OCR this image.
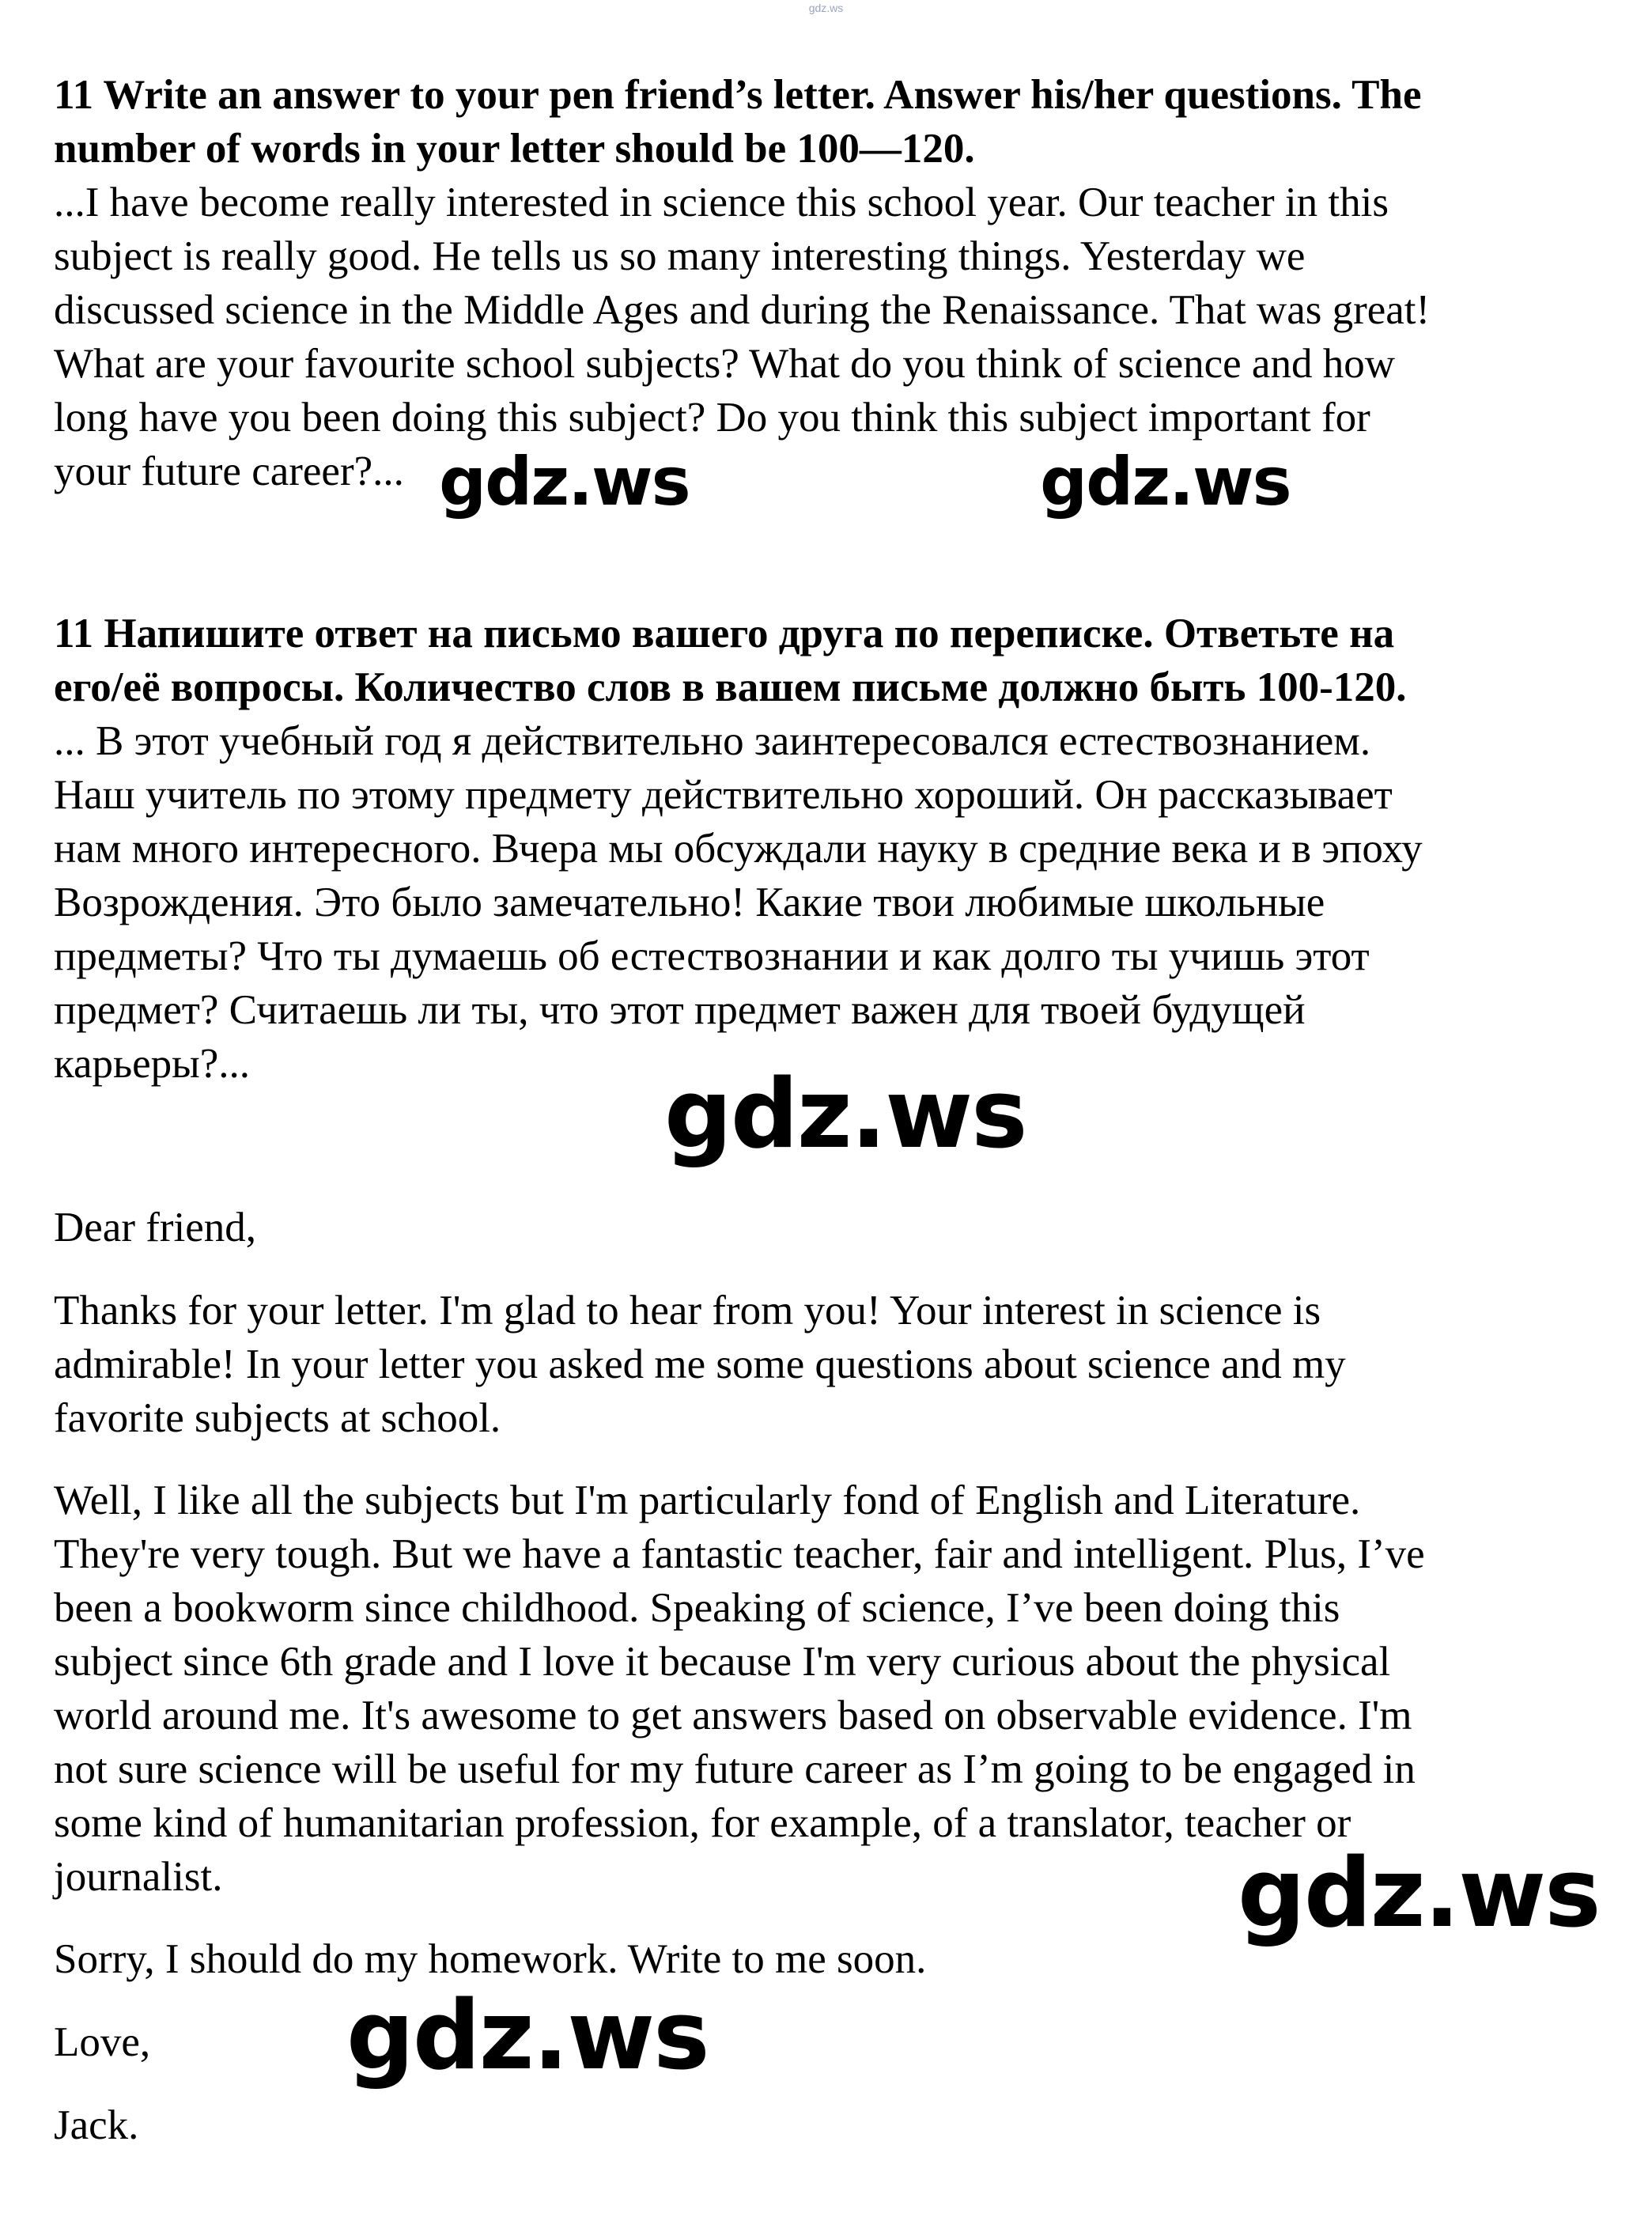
gdz.ws

11 Write an answer to your pen friend’s letter. Answer his/her questions. The

number of words in your letter should be 100—120.

...I have become really interested in science this school year. Our teacher in this

subject is really good. He tells us so many interesting things. Yesterday we

discussed science in the Middle Ages and during the Renaissance. That was great!

What are your favourite school subjects? What do you think of science and how

long have you been doing this subject? Do you think this subject important for

your future career?...

11 Напишите ответ на письмо вашего друга по переписке. Ответьте на

его/её вопросы. Количество слов в вашем письме должно быть 100-120.

... В этот учебный год я действительно заинтересовался естествознанием.

Наш учитель по этому предмету действительно хороший. Он рассказывает

нам много интересного. Вчера мы обсуждали науку в средние века и в эпоху

Возрождения. Это было замечательно! Какие твои любимые школьные

предметы? Что ты думаешь об естествознании и как долго ты учишь этот

предмет? Считаешь ли ты, что этот предмет важен для твоей будущей

карьеры?...

Dear friend,

Thanks for your letter. I'm glad to hear from you! Your interest in science is

admirable! In your letter you asked me some questions about science and my

favorite subjects at school.

Well, I like all the subjects but I'm particularly fond of English and Literature.

They're very tough. But we have a fantastic teacher, fair and intelligent. Plus, I’ve

been a bookworm since childhood. Speaking of science, I’ve been doing this

subject since 6th grade and I love it because I'm very curious about the physical

world around me. It's awesome to get answers based on observable evidence. I'm

not sure science will be useful for my future career as I’m going to be engaged in

some kind of humanitarian profession, for example, of a translator, teacher or

journalist.

Sorry, I should do my homework. Write to me soon.

Love,

Jack.

gdz.ws	gdz.ws
gdz.ws
gdz.ws
gdz.ws
